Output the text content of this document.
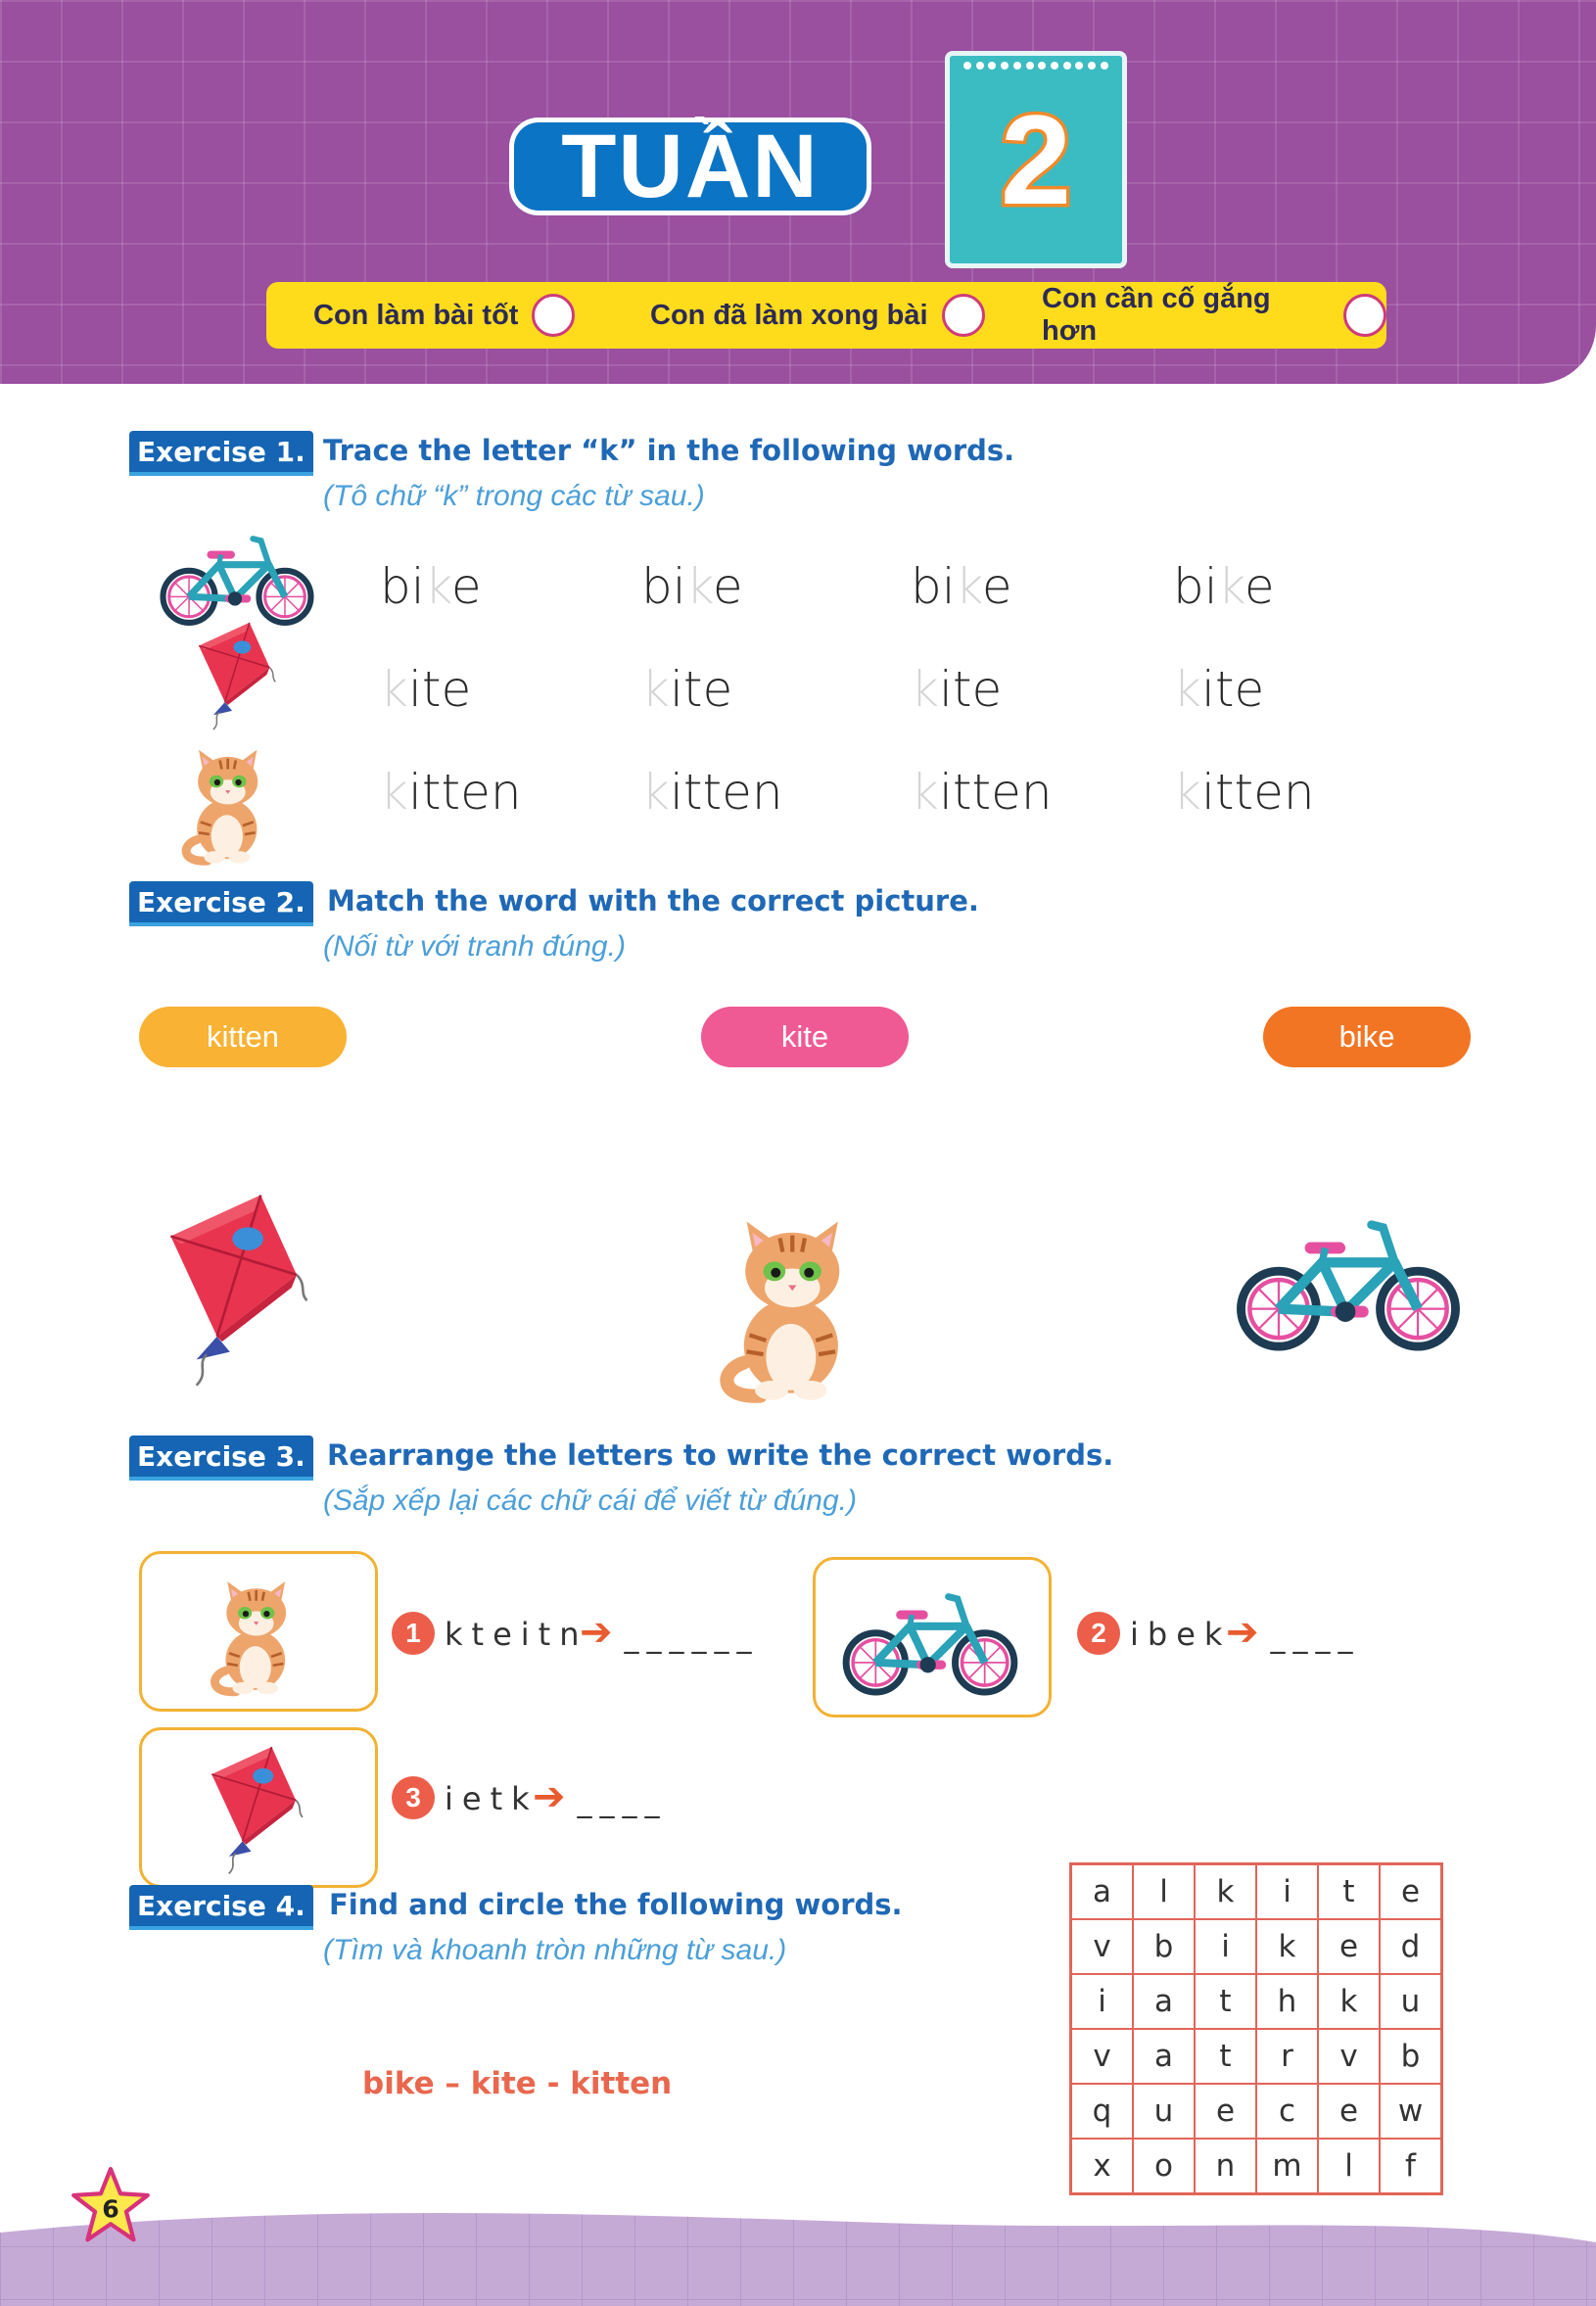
TUẦN	2
Con làm bài tốt	Con đã làm xong bài
Con cần cố gắng hơn
Exercise 1. Trace the letter “k” in the following words.
(Tô chữ “k” trong các từ sau.)
bike	bike	bike	bike
kite	kite	kite	kite
kitten kitten	kitten kitten
Exercise 2. Match the word with the correct picture.
(Nối từ với tranh đúng.)
kitten	kite	bike
Exercise 3. Rearrange the letters to write the correct words.
(Sắp xếp lại các chữ cái để viết từ đúng.)
1 kteitn
➔ ______	2 ibek
➔ ____
3 ietk
➔ ____
Exercise 4. Find and circle the following words.
(Tìm và khoanh tròn những từ sau.)
bike – kite - kitten
a	l	k	i	t	e
v	b	i	k	e	d
i	a	t	h	k	u
v	a	t	r	v	b
q	u	e	c	e	w
x	o	n	m	l	f
6
